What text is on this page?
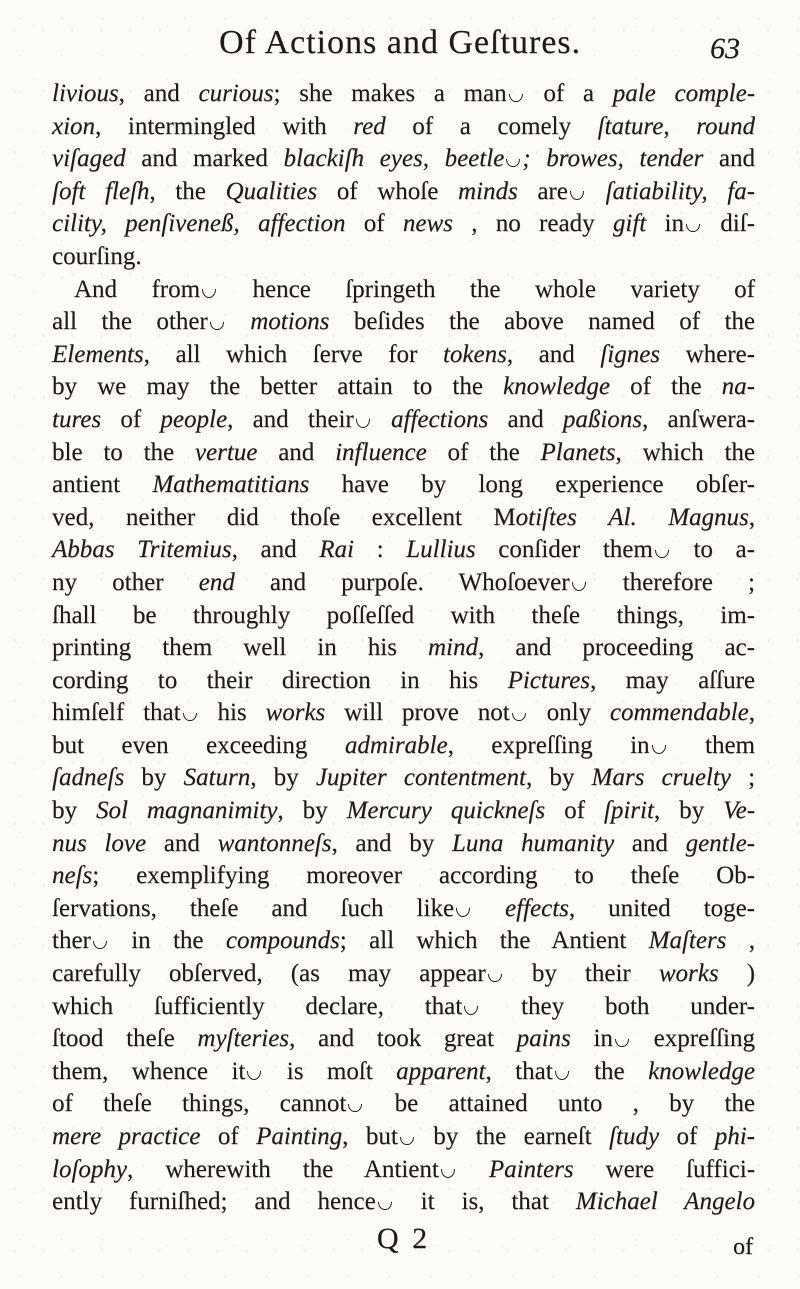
Of Actions and Geſtures.	63
livious, and curious; she makes a man of a pale comple-
xion, intermingled with red of a comely ſtature, round
viſaged and marked blackiſh eyes, beetle ; browes, tender and
ſoft fleſh, the Qualities of whoſe minds are ſatiability, fa-
cility, penſiveneß, affection of news , no ready gift in diſ-
courſing.
And from hence ſpringeth the whole variety of
all the other motions beſides the above named of the
Elements, all which ſerve for tokens, and ſignes where-
by we may the better attain to the knowledge of the na-
tures of people, and their affections and paßions, anſwera-
ble to the vertue and influence of the Planets, which the
antient Mathematitians have by long experience obſer-
ved, neither did thoſe excellent Motiſtes Al. Magnus,
Abbas Tritemius, and Rai : Lullius conſider them to a-
ny other end and purpoſe. Whoſoever therefore ;
ſhall be throughly poſſeſſed with theſe things, im-
printing them well in his mind, and proceeding ac-
cording to their direction in his Pictures, may aſſure
himſelf that his works will prove not only commendable,
but even exceeding admirable, expreſſing in them
ſadneſs by Saturn, by Jupiter contentment, by Mars cruelty ;
by Sol magnanimity, by Mercury quickneſs of ſpirit, by Ve-
nus love and wantonneſs, and by Luna humanity and gentle-
neſs; exemplifying moreover according to theſe Ob-
ſervations, theſe and ſuch like effects, united toge-
ther in the compounds; all which the Antient Maſters ,
carefully obſerved, (as may appear by their works )
which ſufficiently declare, that they both under-
ſtood theſe myſteries, and took great pains in expreſſing
them, whence it is moſt apparent, that the knowledge
of theſe things, cannot be attained unto , by the
mere practice of Painting, but by the earneſt ſtudy of phi-
loſophy, wherewith the Antient Painters were ſuffici-
ently furniſhed; and hence it is, that Michael Angelo
Q 2	of
